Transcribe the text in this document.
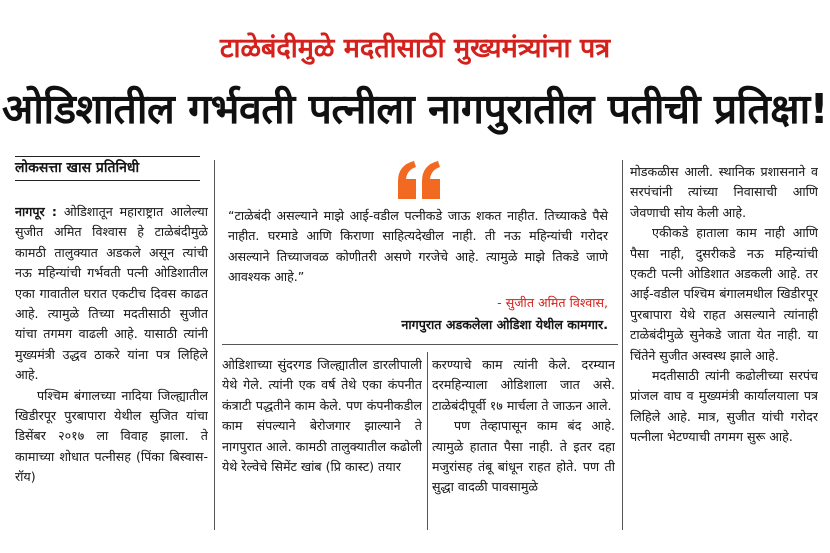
टाळेबंदीमुळे मदतीसाठी मुख्यमंत्र्यांना पत्र
ओडिशातील गर्भवती पत्नीला नागपुरातील पतीची प्रतिक्षा!
लोकसत्ता खास प्रतिनिधी

नागपूर : ओडिशातून महाराष्ट्रात आलेल्या सुजीत अमित विश्वास हे टाळेबंदीमुळे कामठी तालुक्यात अडकले असून त्यांची नऊ महिन्यांची गर्भवती पत्नी ओडिशातील एका गावातील घरात एकटीच दिवस काढत आहे. त्यामुळे तिच्या मदतीसाठी सुजीत यांचा तगमग वाढली आहे. यासाठी त्यांनी मुख्यमंत्री उद्धव ठाकरे यांना पत्र लिहिले आहे.

पश्चिम बंगालच्या नादिया जिल्ह्यातील खिडीरपूर पुरबापारा येथील सुजित यांचा डिसेंबर २०१७ ला विवाह झाला. ते कामाच्या शोधात पत्नीसह (पिंका बिस्वास-रॉय)

“टाळेबंदी असल्याने माझे आई-वडील पत्नीकडे जाऊ शकत नाहीत. तिच्याकडे पैसे नाहीत. घरमाडे आणि किराणा साहित्यदेखील नाही. ती नऊ महिन्यांची गरोदर असल्याने तिच्याजवळ कोणीतरी असणे गरजेचे आहे. त्यामुळे माझे तिकडे जाणे आवश्यक आहे.”
- सुजीत अमित विश्वास,
नागपुरात अडकलेला ओडिशा येथील कामगार.

ओडिशाच्या सुंदरगड जिल्ह्यातील डारलीपाली येथे गेले. त्यांनी एक वर्ष तेथे एका कंपनीत कंत्राटी पद्धतीने काम केले. पण कंपनीकडील काम संपल्याने बेरोजगार झाल्याने ते नागपुरात आले. कामठी तालुक्यातील कढोली येथे रेल्वेचे सिमेंट खांब (प्रि कास्ट) तयार

करण्याचे काम त्यांनी केले. दरम्यान दरमहिन्याला ओडिशाला जात असे. टाळेबंदीपूर्वी १७ मार्चला ते जाऊन आले.

पण तेव्हापासून काम बंद आहे. त्यामुळे हातात पैसा नाही. ते इतर दहा मजुरांसह तंबू बांधून राहत होते. पण ती सुद्धा वादळी पावसामुळे

मोडकळीस आली. स्थानिक प्रशासनाने व सरपंचांनी त्यांच्या निवासाची आणि जेवणाची सोय केली आहे.

एकीकडे हाताला काम नाही आणि पैसा नाही, दुसरीकडे नऊ महिन्यांची एकटी पत्नी ओडिशात अडकली आहे. तर आई-वडील पश्चिम बंगालमधील खिडीरपूर पुरबापारा येथे राहत असल्याने त्यांनाही टाळेबंदीमुळे सुनेकडे जाता येत नाही. या चिंतेने सुजीत अस्वस्थ झाले आहे.

मदतीसाठी त्यांनी कढोलीच्या सरपंच प्रांजल वाघ व मुख्यमंत्री कार्यालयाला पत्र लिहिले आहे. मात्र, सुजीत यांची गरोदर पत्नीला भेटण्याची तगमग सुरू आहे.
